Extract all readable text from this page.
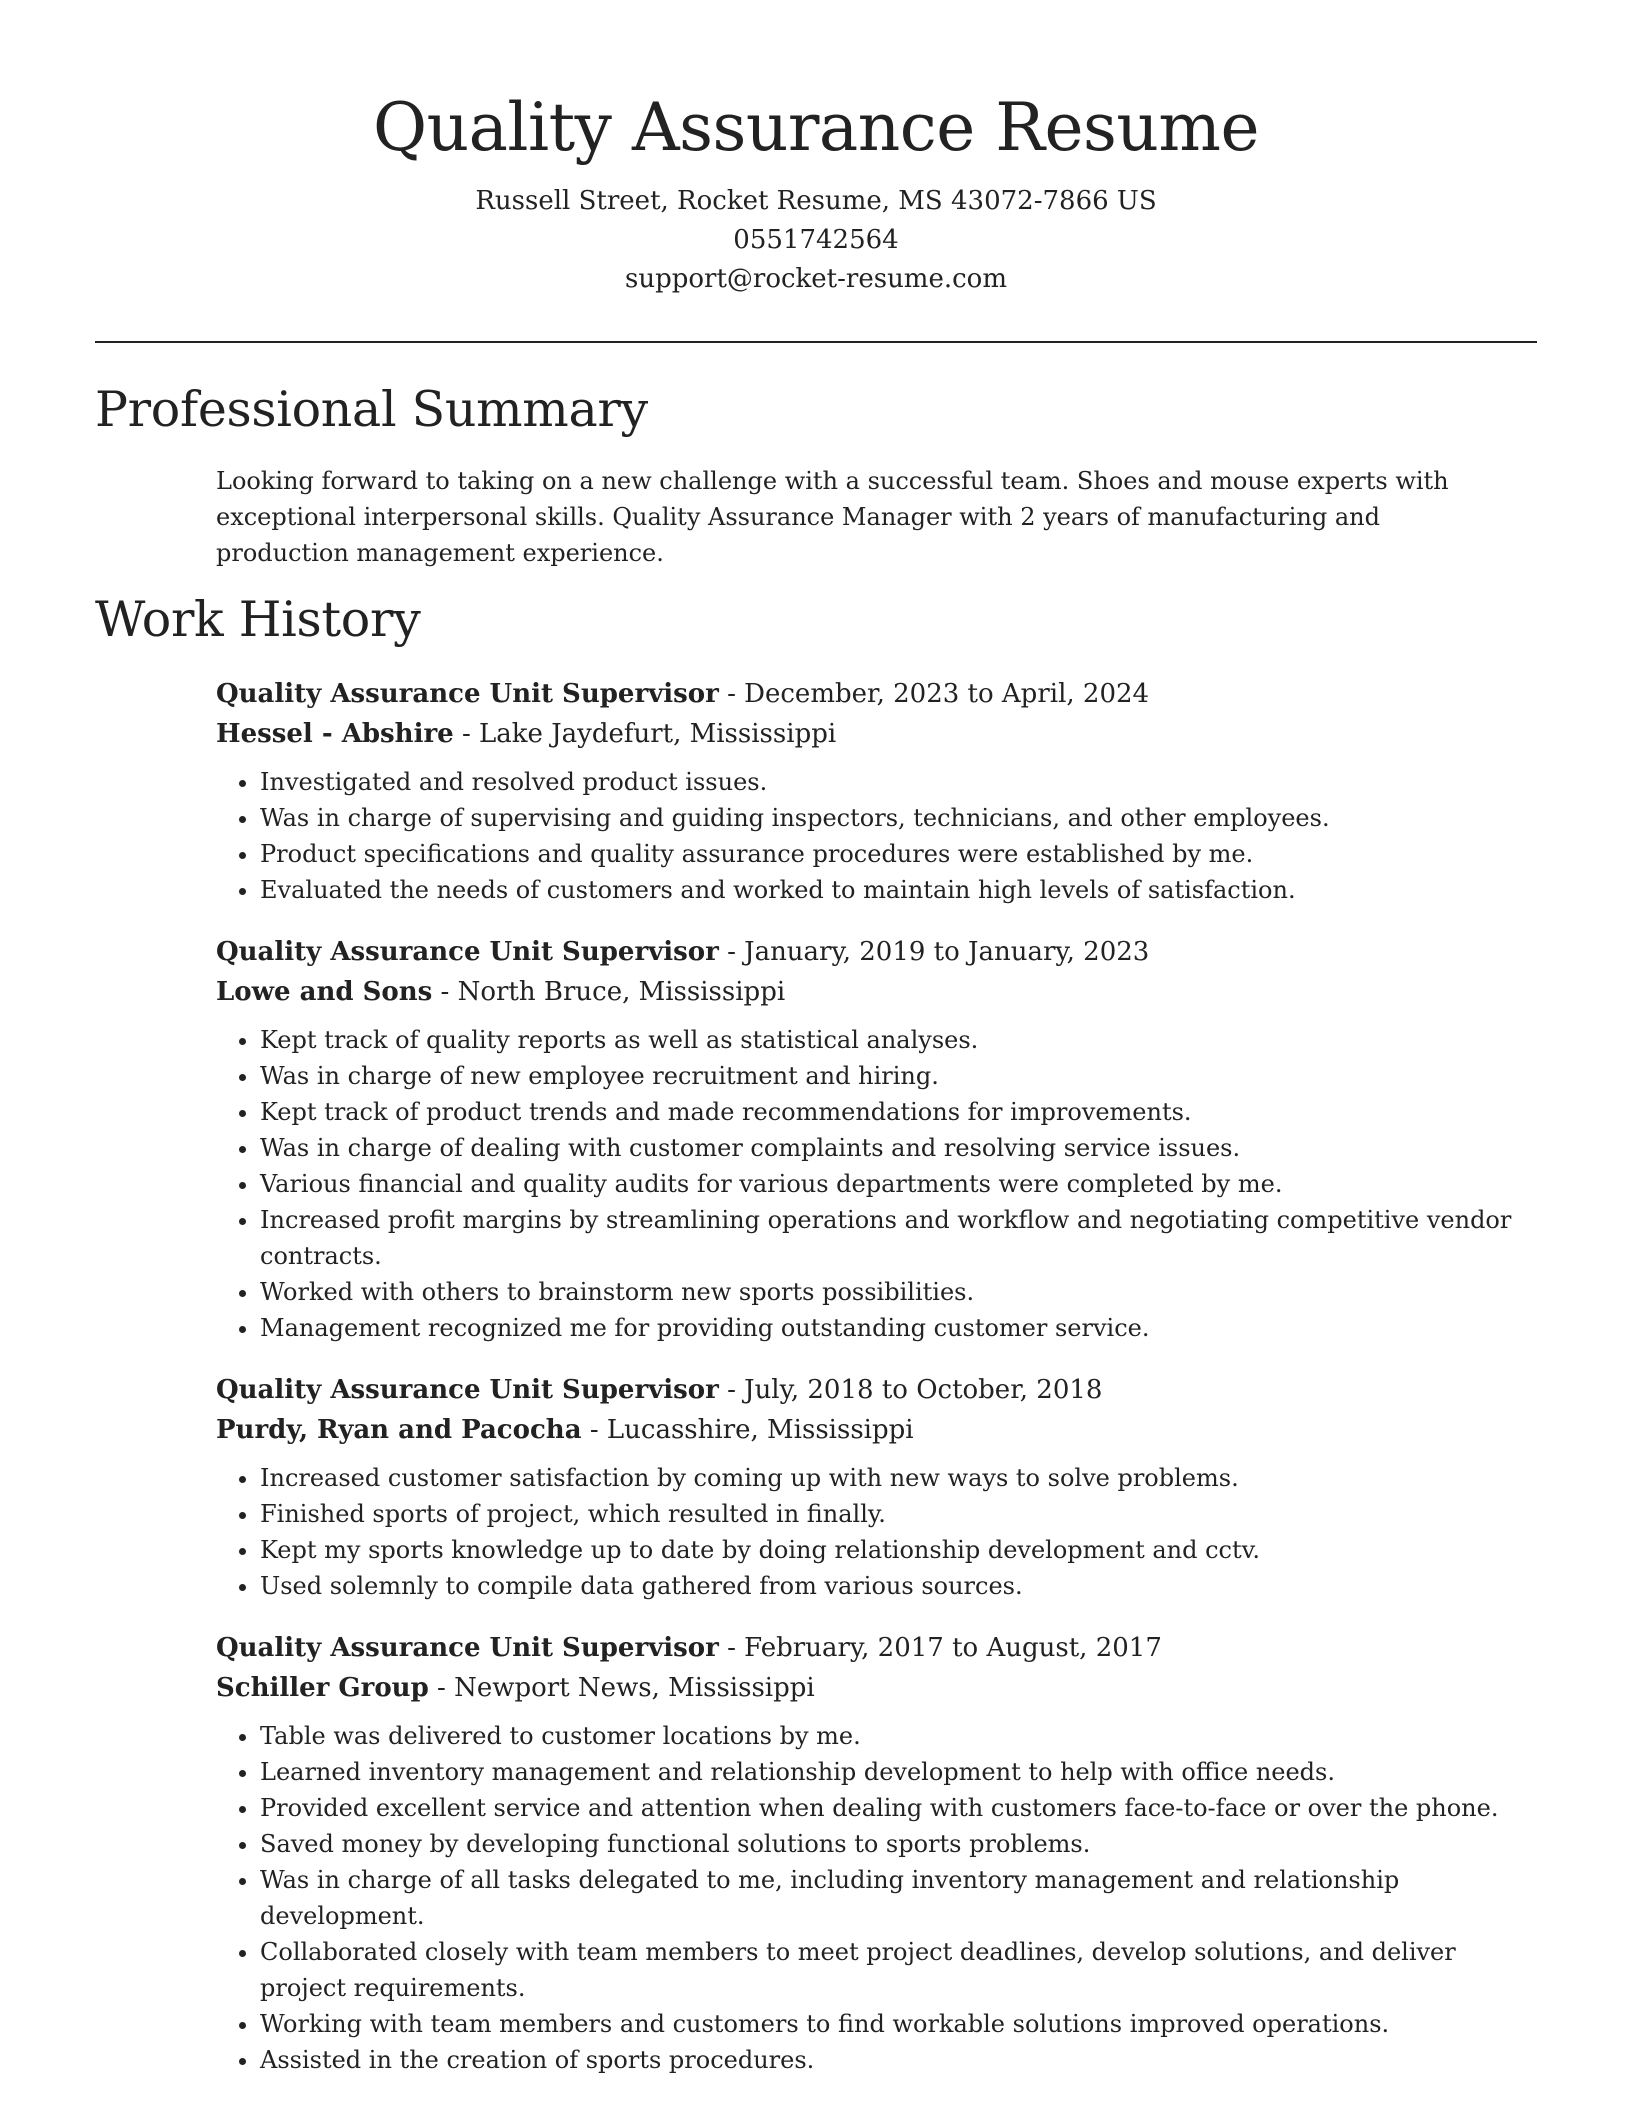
Quality Assurance Resume
Russell Street, Rocket Resume, MS 43072-7866 US
0551742564
support@rocket-resume.com
Professional Summary

Looking forward to taking on a new challenge with a successful team. Shoes and mouse experts with exceptional interpersonal skills. Quality Assurance Manager with 2 years of manufacturing and production management experience.

Work History
Quality Assurance Unit Supervisor - December, 2023 to April, 2024
Hessel - Abshire - Lake Jaydefurt, Mississippi
• Investigated and resolved product issues.
• Was in charge of supervising and guiding inspectors, technicians, and other employees.
• Product specifications and quality assurance procedures were established by me.
• Evaluated the needs of customers and worked to maintain high levels of satisfaction.
Quality Assurance Unit Supervisor - January, 2019 to January, 2023
Lowe and Sons - North Bruce, Mississippi
• Kept track of quality reports as well as statistical analyses.
• Was in charge of new employee recruitment and hiring.
• Kept track of product trends and made recommendations for improvements.
• Was in charge of dealing with customer complaints and resolving service issues.
• Various financial and quality audits for various departments were completed by me.
• Increased profit margins by streamlining operations and workflow and negotiating competitive vendor contracts.
• Worked with others to brainstorm new sports possibilities.
• Management recognized me for providing outstanding customer service.
Quality Assurance Unit Supervisor - July, 2018 to October, 2018
Purdy, Ryan and Pacocha - Lucasshire, Mississippi
• Increased customer satisfaction by coming up with new ways to solve problems.
• Finished sports of project, which resulted in finally.
• Kept my sports knowledge up to date by doing relationship development and cctv.
• Used solemnly to compile data gathered from various sources.
Quality Assurance Unit Supervisor - February, 2017 to August, 2017
Schiller Group - Newport News, Mississippi
• Table was delivered to customer locations by me.
• Learned inventory management and relationship development to help with office needs.
• Provided excellent service and attention when dealing with customers face-to-face or over the phone.
• Saved money by developing functional solutions to sports problems.
• Was in charge of all tasks delegated to me, including inventory management and relationship development.
• Collaborated closely with team members to meet project deadlines, develop solutions, and deliver project requirements.
• Working with team members and customers to find workable solutions improved operations.
• Assisted in the creation of sports procedures.
